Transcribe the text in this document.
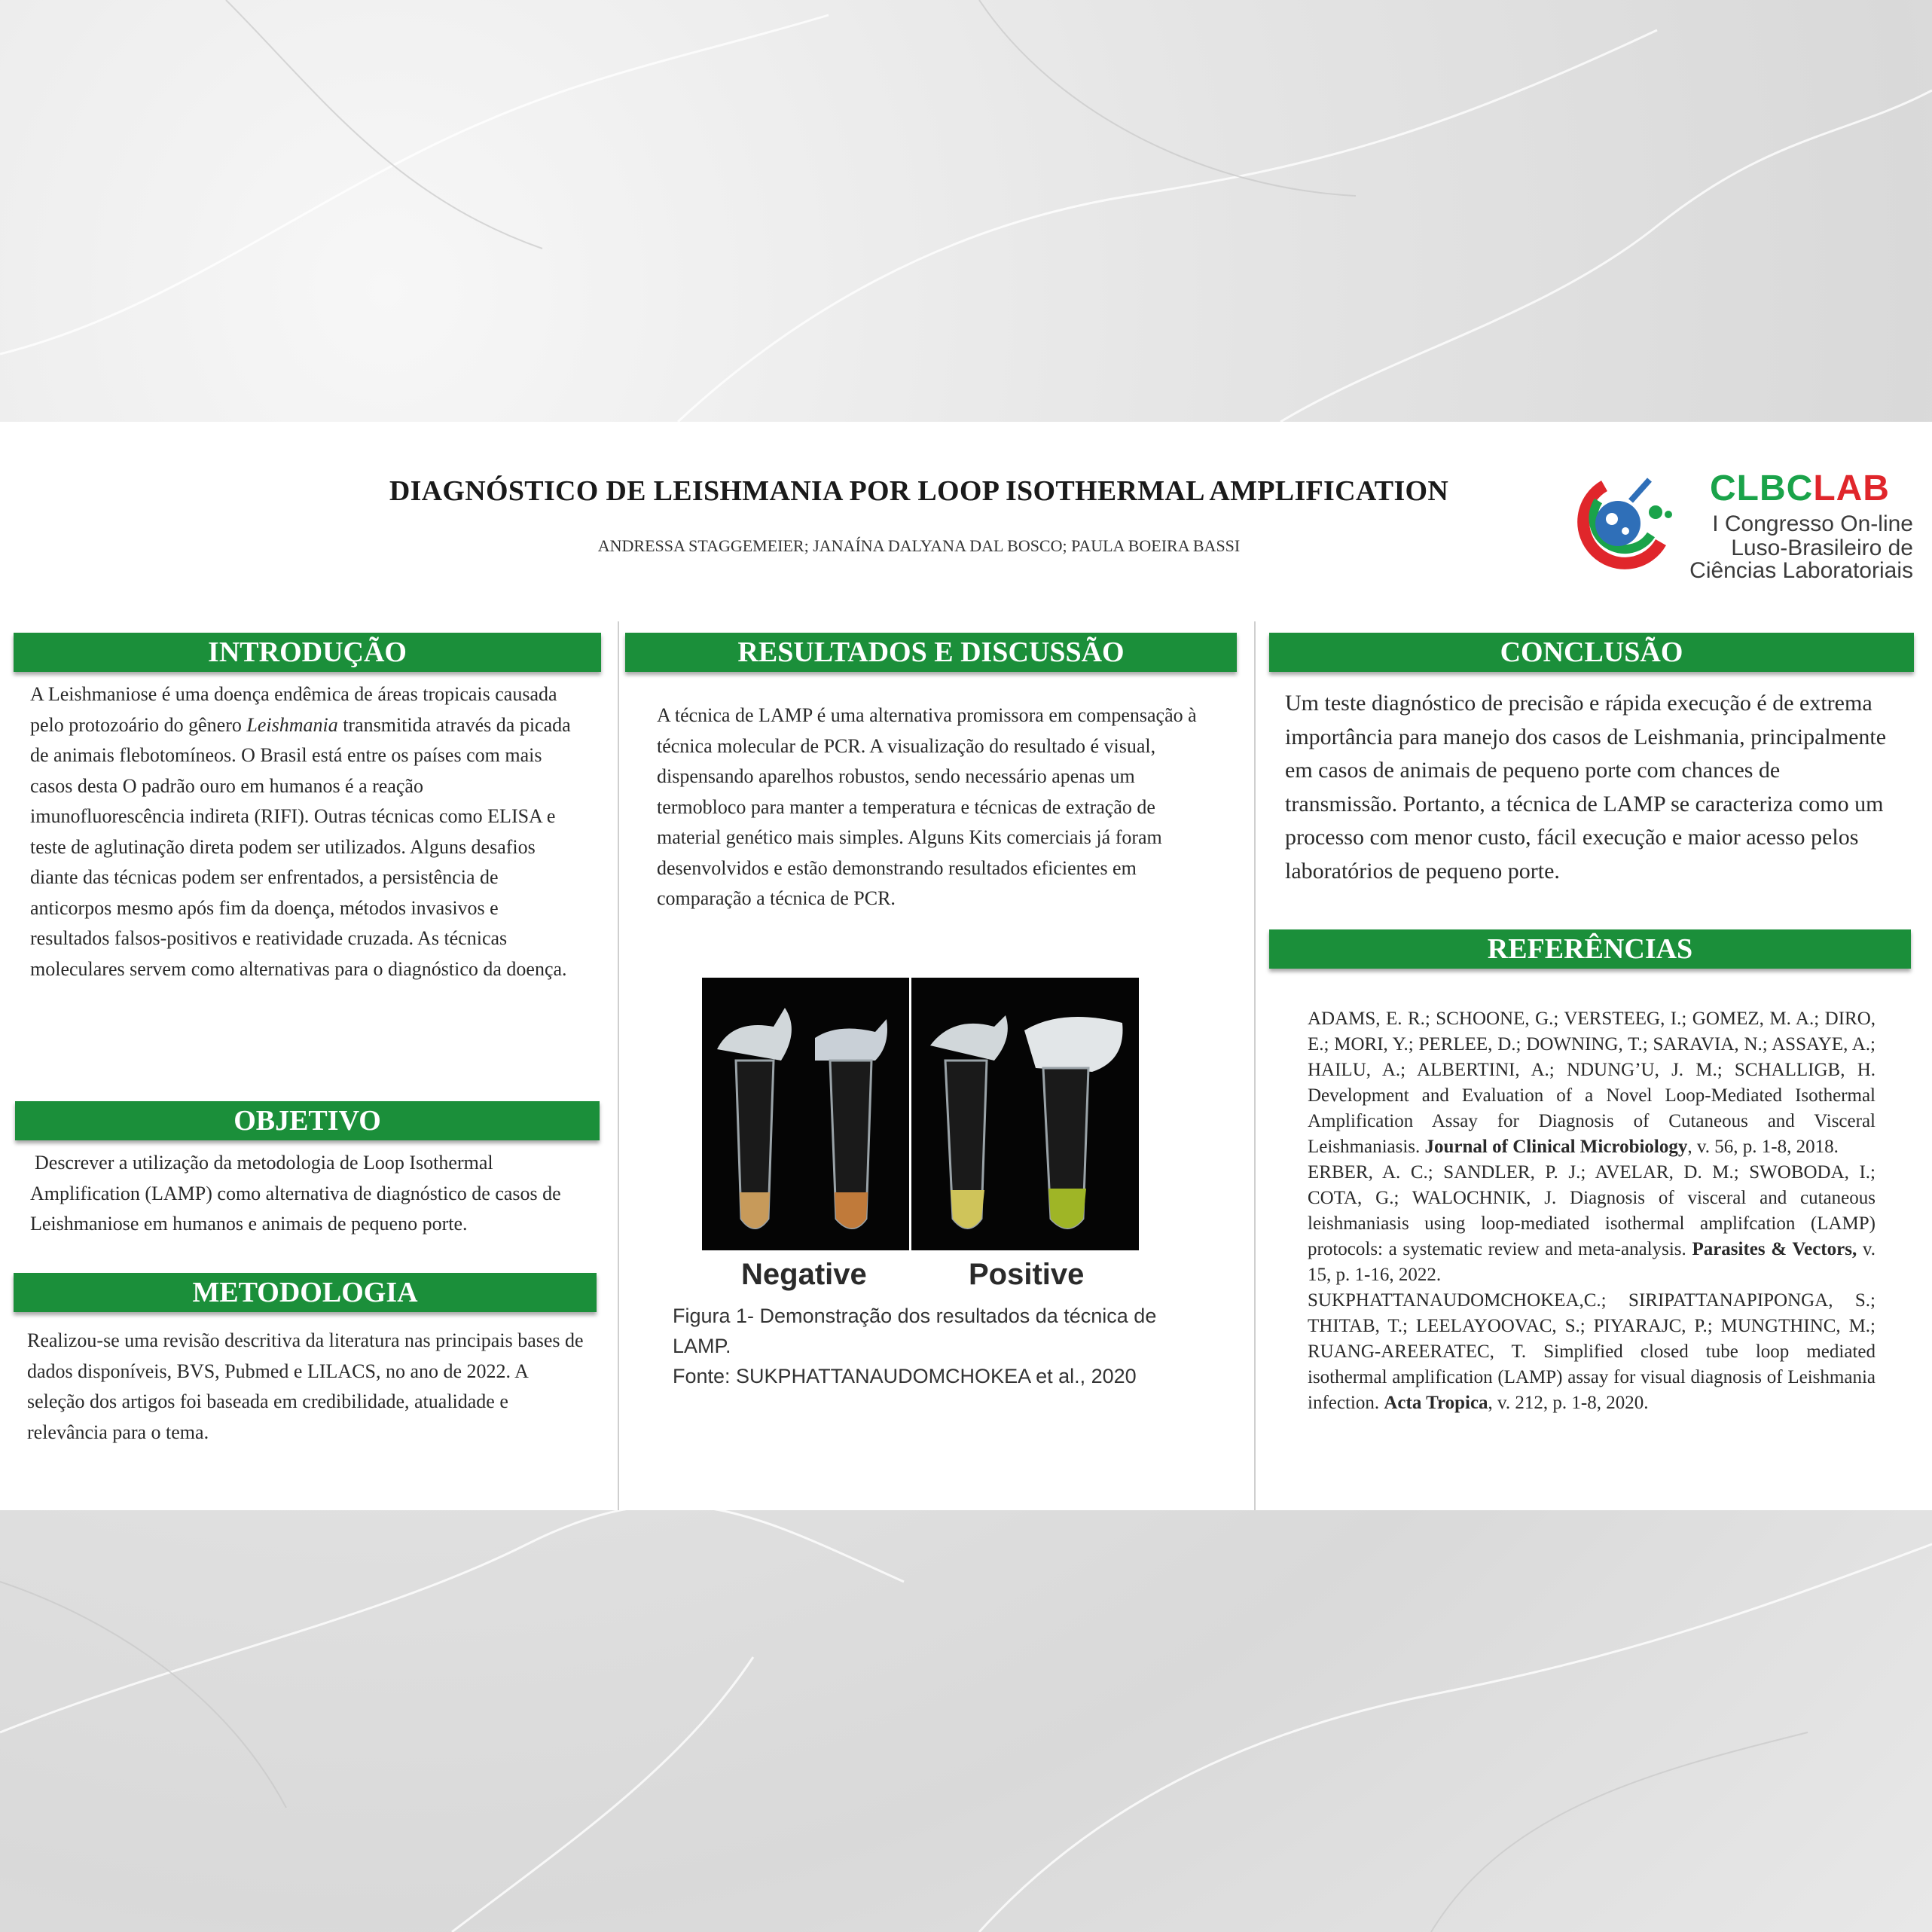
DIAGNÓSTICO DE LEISHMANIA POR LOOP ISOTHERMAL AMPLIFICATION
ANDRESSA STAGGEMEIER; JANAÍNA DALYANA DAL BOSCO; PAULA BOEIRA BASSI
CLBCLAB
I Congresso On-line
Luso-Brasileiro de
Ciências Laboratoriais
INTRODUÇÃO
A Leishmaniose é uma doença endêmica de áreas tropicais causada pelo protozoário do gênero Leishmania transmitida através da picada de animais flebotomíneos. O Brasil está entre os países com mais casos desta O padrão ouro em humanos é a reação imunofluorescência indireta (RIFI). Outras técnicas como ELISA e teste de aglutinação direta podem ser utilizados. Alguns desafios diante das técnicas podem ser enfrentados, a persistência de anticorpos mesmo após fim da doença, métodos invasivos e resultados falsos-positivos e reatividade cruzada. As técnicas moleculares servem como alternativas para o diagnóstico da doença.
OBJETIVO
Descrever a utilização da metodologia de Loop Isothermal Amplification (LAMP) como alternativa de diagnóstico de casos de Leishmaniose em humanos e animais de pequeno porte.
METODOLOGIA
Realizou-se uma revisão descritiva da literatura nas principais bases de dados disponíveis, BVS, Pubmed e LILACS, no ano de 2022. A seleção dos artigos foi baseada em credibilidade, atualidade e relevância para o tema.
RESULTADOS E DISCUSSÃO
A técnica de LAMP é uma alternativa promissora em compensação à técnica molecular de PCR. A visualização do resultado é visual, dispensando aparelhos robustos, sendo necessário apenas um termobloco para manter a temperatura e técnicas de extração de material genético mais simples. Alguns Kits comerciais já foram desenvolvidos e estão demonstrando resultados eficientes em comparação a técnica de PCR.
Negative	Positive
Figura 1- Demonstração dos resultados da técnica de LAMP.
Fonte: SUKPHATTANAUDOMCHOKEA et al., 2020
CONCLUSÃO
Um teste diagnóstico de precisão e rápida execução é de extrema importância para manejo dos casos de Leishmania, principalmente em casos de animais de pequeno porte com chances de transmissão. Portanto, a técnica de LAMP se caracteriza como um processo com menor custo, fácil execução e maior acesso pelos laboratórios de pequeno porte.
REFERÊNCIAS

ADAMS, E. R.; SCHOONE, G.; VERSTEEG, I.; GOMEZ, M. A.; DIRO, E.; MORI, Y.; PERLEE, D.; DOWNING, T.; SARAVIA, N.; ASSAYE, A.; HAILU, A.; ALBERTINI, A.; NDUNG’U, J. M.; SCHALLIGB, H. Development and Evaluation of a Novel Loop-Mediated Isothermal Amplification Assay for Diagnosis of Cutaneous and Visceral Leishmaniasis. Journal of Clinical Microbiology, v. 56, p. 1-8, 2018.

ERBER, A. C.; SANDLER, P. J.; AVELAR, D. M.; SWOBODA, I.; COTA, G.; WALOCHNIK, J. Diagnosis of visceral and cutaneous leishmaniasis using loop-mediated isothermal amplifcation (LAMP) protocols: a systematic review and meta-analysis. Parasites & Vectors, v. 15, p. 1-16, 2022.

SUKPHATTANAUDOMCHOKEA,C.; SIRIPATTANAPIPONGA, S.; THITAB, T.; LEELAYOOVAC, S.; PIYARAJC, P.; MUNGTHINC, M.; RUANG-AREERATEC, T. Simplified closed tube loop mediated isothermal amplification (LAMP) assay for visual diagnosis of Leishmania infection. Acta Tropica, v. 212, p. 1-8, 2020.
